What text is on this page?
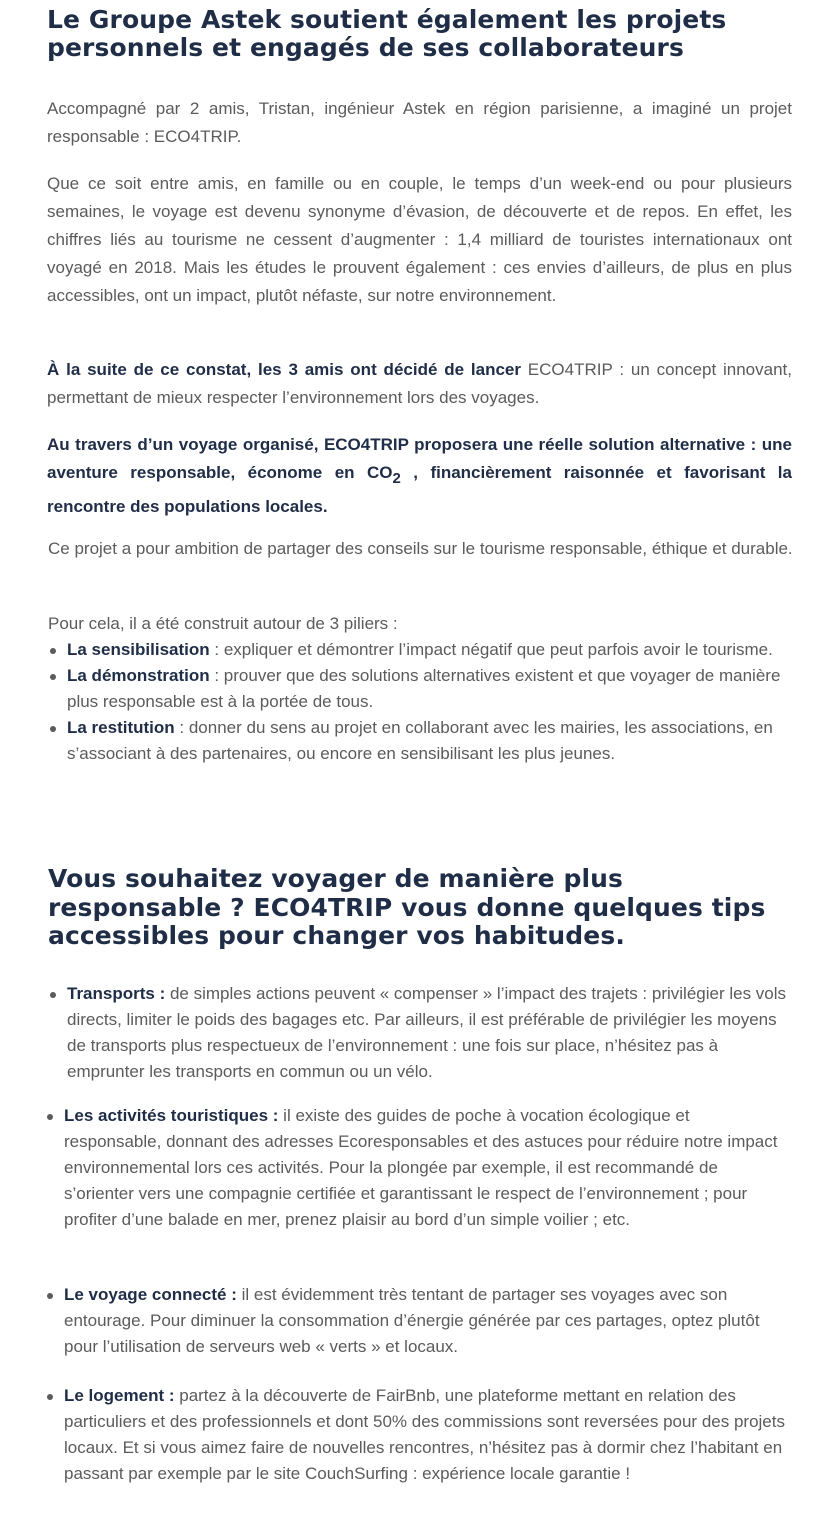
Le Groupe Astek soutient également les projets personnels et engagés de ses collaborateurs

Accompagné par 2 amis, Tristan, ingénieur Astek en région parisienne, a imaginé un projet responsable : ECO4TRIP.

Que ce soit entre amis, en famille ou en couple, le temps d’un week-end ou pour plusieurs semaines, le voyage est devenu synonyme d’évasion, de découverte et de repos. En effet, les chiffres liés au tourisme ne cessent d’augmenter : 1,4 milliard de touristes internationaux ont voyagé en 2018. Mais les études le prouvent également : ces envies d’ailleurs, de plus en plus accessibles, ont un impact, plutôt néfaste, sur notre environnement.

À la suite de ce constat, les 3 amis ont décidé de lancer ECO4TRIP : un concept innovant, permettant de mieux respecter l’environnement lors des voyages.

Au travers d’un voyage organisé, ECO4TRIP proposera une réelle solution alternative : une aventure responsable, économe en $CO_2$ , financièrement raisonnée et favorisant la rencontre des populations locales.

Ce projet a pour ambition de partager des conseils sur le tourisme responsable, éthique et durable.

Pour cela, il a été construit autour de 3 piliers :

La sensibilisation : expliquer et démontrer l’impact négatif que peut parfois avoir le tourisme.
La démonstration : prouver que des solutions alternatives existent et que voyager de manière plus responsable est à la portée de tous.
La restitution : donner du sens au projet en collaborant avec les mairies, les associations, en s’associant à des partenaires, ou encore en sensibilisant les plus jeunes.
Vous souhaitez voyager de manière plus responsable ? ECO4TRIP vous donne quelques tips accessibles pour changer vos habitudes.
Transports : de simples actions peuvent « compenser » l’impact des trajets : privilégier les vols directs, limiter le poids des bagages etc. Par ailleurs, il est préférable de privilégier les moyens de transports plus respectueux de l’environnement : une fois sur place, n’hésitez pas à emprunter les transports en commun ou un vélo.
Les activités touristiques : il existe des guides de poche à vocation écologique et responsable, donnant des adresses Ecoresponsables et des astuces pour réduire notre impact environnemental lors ces activités. Pour la plongée par exemple, il est recommandé de s’orienter vers une compagnie certifiée et garantissant le respect de l’environnement ; pour profiter d’une balade en mer, prenez plaisir au bord d’un simple voilier ; etc.
Le voyage connecté : il est évidemment très tentant de partager ses voyages avec son entourage. Pour diminuer la consommation d’énergie générée par ces partages, optez plutôt pour l’utilisation de serveurs web « verts » et locaux.
Le logement : partez à la découverte de FairBnb, une plateforme mettant en relation des particuliers et des professionnels et dont 50% des commissions sont reversées pour des projets locaux. Et si vous aimez faire de nouvelles rencontres, n’hésitez pas à dormir chez l’habitant en passant par exemple par le site CouchSurfing : expérience locale garantie !
